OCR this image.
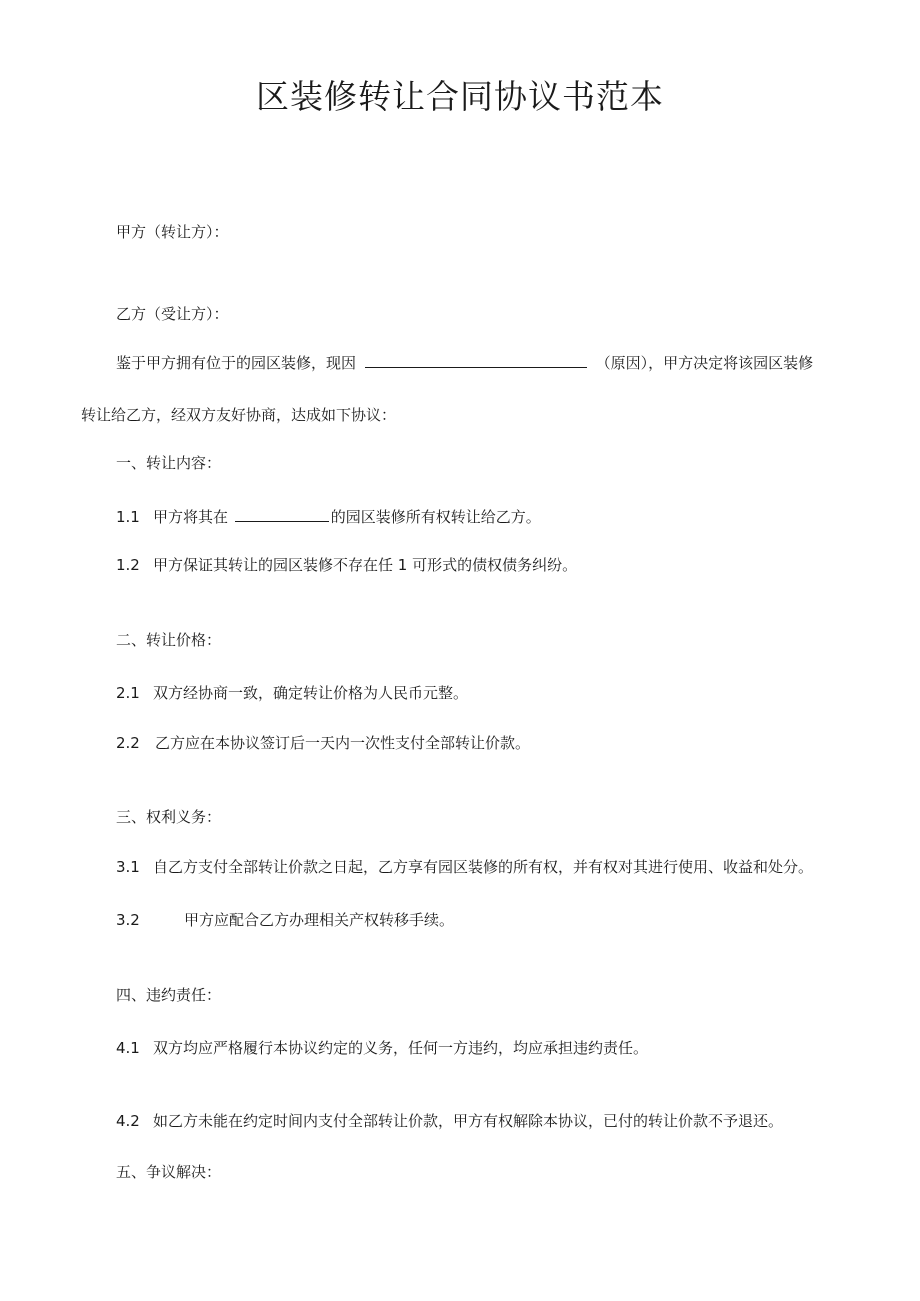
区装修转让合同协议书范本
甲方（转让方）：
乙方（受让方）：
鉴于甲方拥有位于的园区装修，现因	（原因），甲方决定将该园区装修
转让给乙方，经双方友好协商，达成如下协议：
一、转让内容：
1.1 甲方将其在	的园区装修所有权转让给乙方。
1.2 甲方保证其转让的园区装修不存在任 1 可形式的债权债务纠纷。
二、转让价格：
2.1 双方经协商一致，确定转让价格为人民币元整。
2.2 乙方应在本协议签订后一天内一次性支付全部转让价款。
三、权利义务：
3.1 自乙方支付全部转让价款之日起，乙方享有园区装修的所有权，并有权对其进行使用、收益和处分。
3.2	甲方应配合乙方办理相关产权转移手续。
四、违约责任：
4.1 双方均应严格履行本协议约定的义务，任何一方违约，均应承担违约责任。
4.2 如乙方未能在约定时间内支付全部转让价款，甲方有权解除本协议，已付的转让价款不予退还。
五、争议解决：
